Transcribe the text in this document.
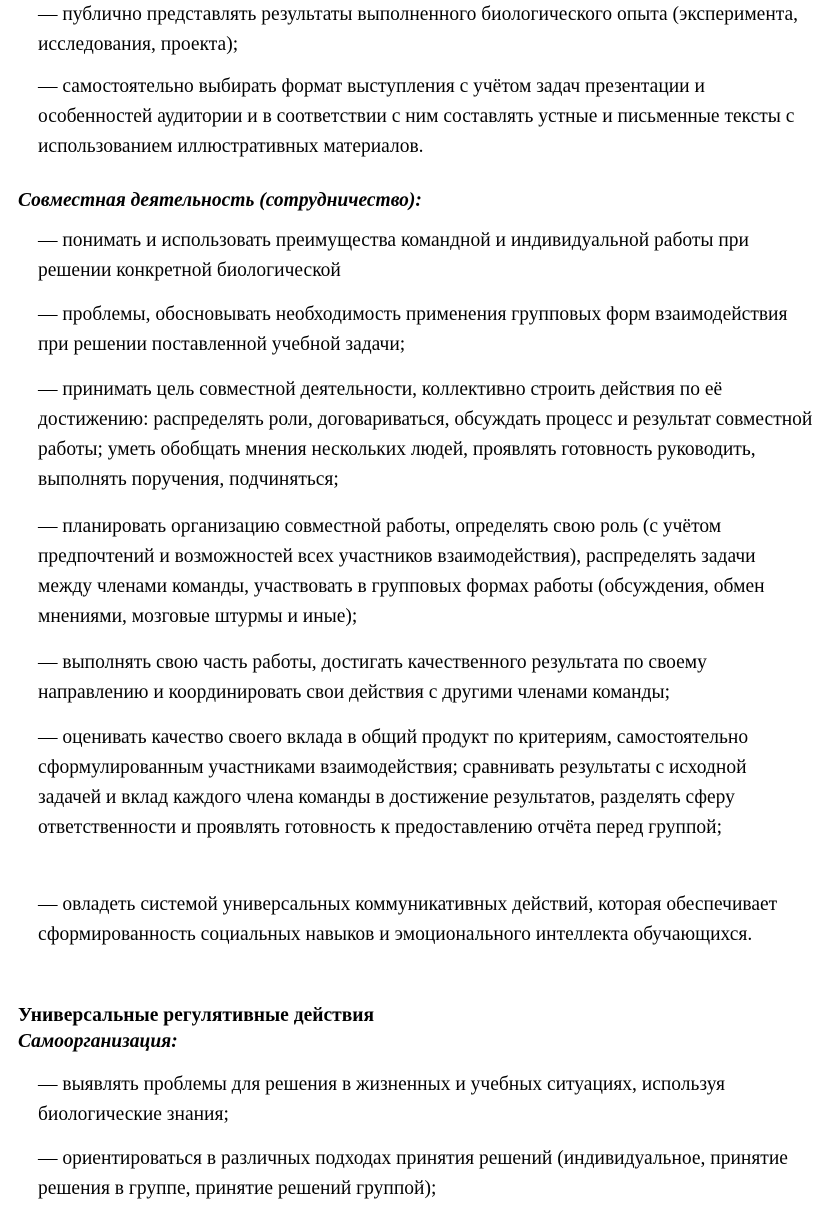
— публично представлять результаты выполненного биологического опыта (эксперимента, исследования, проекта);

— самостоятельно выбирать формат выступления с учётом задач презентации и особенностей аудитории и в соответствии с ним составлять устные и письменные тексты с использованием иллюстративных материалов.

Совместная деятельность (сотрудничество):

— понимать и использовать преимущества командной и индивидуальной работы при решении конкретной биологической

— проблемы, обосновывать необходимость применения групповых форм взаимодействия при решении поставленной учебной задачи;

— принимать цель совместной деятельности, коллективно строить действия по её достижению: распределять роли, договариваться, обсуждать процесс и результат совместной работы; уметь обобщать мнения нескольких людей, проявлять готовность руководить, выполнять поручения, подчиняться;

— планировать организацию совместной работы, определять свою роль (с учётом предпочтений и возможностей всех участников взаимодействия), распределять задачи между членами команды, участвовать в групповых формах работы (обсуждения, обмен мнениями, мозговые штурмы и иные);

— выполнять свою часть работы, достигать качественного результата по своему направлению и координировать свои действия с другими членами команды;

— оценивать качество своего вклада в общий продукт по критериям, самостоятельно сформулированным участниками взаимодействия; сравнивать результаты с исходной задачей и вклад каждого члена команды в достижение результатов, разделять сферу ответственности и проявлять готовность к предоставлению отчёта перед группой;

— овладеть системой универсальных коммуникативных действий, которая обеспечивает сформированность социальных навыков и эмоционального интеллекта обучающихся.

Универсальные регулятивные действия

Самоорганизация:

— выявлять проблемы для решения в жизненных и учебных ситуациях, используя биологические знания;

— ориентироваться в различных подходах принятия решений (индивидуальное, принятие решения в группе, принятие решений группой);
